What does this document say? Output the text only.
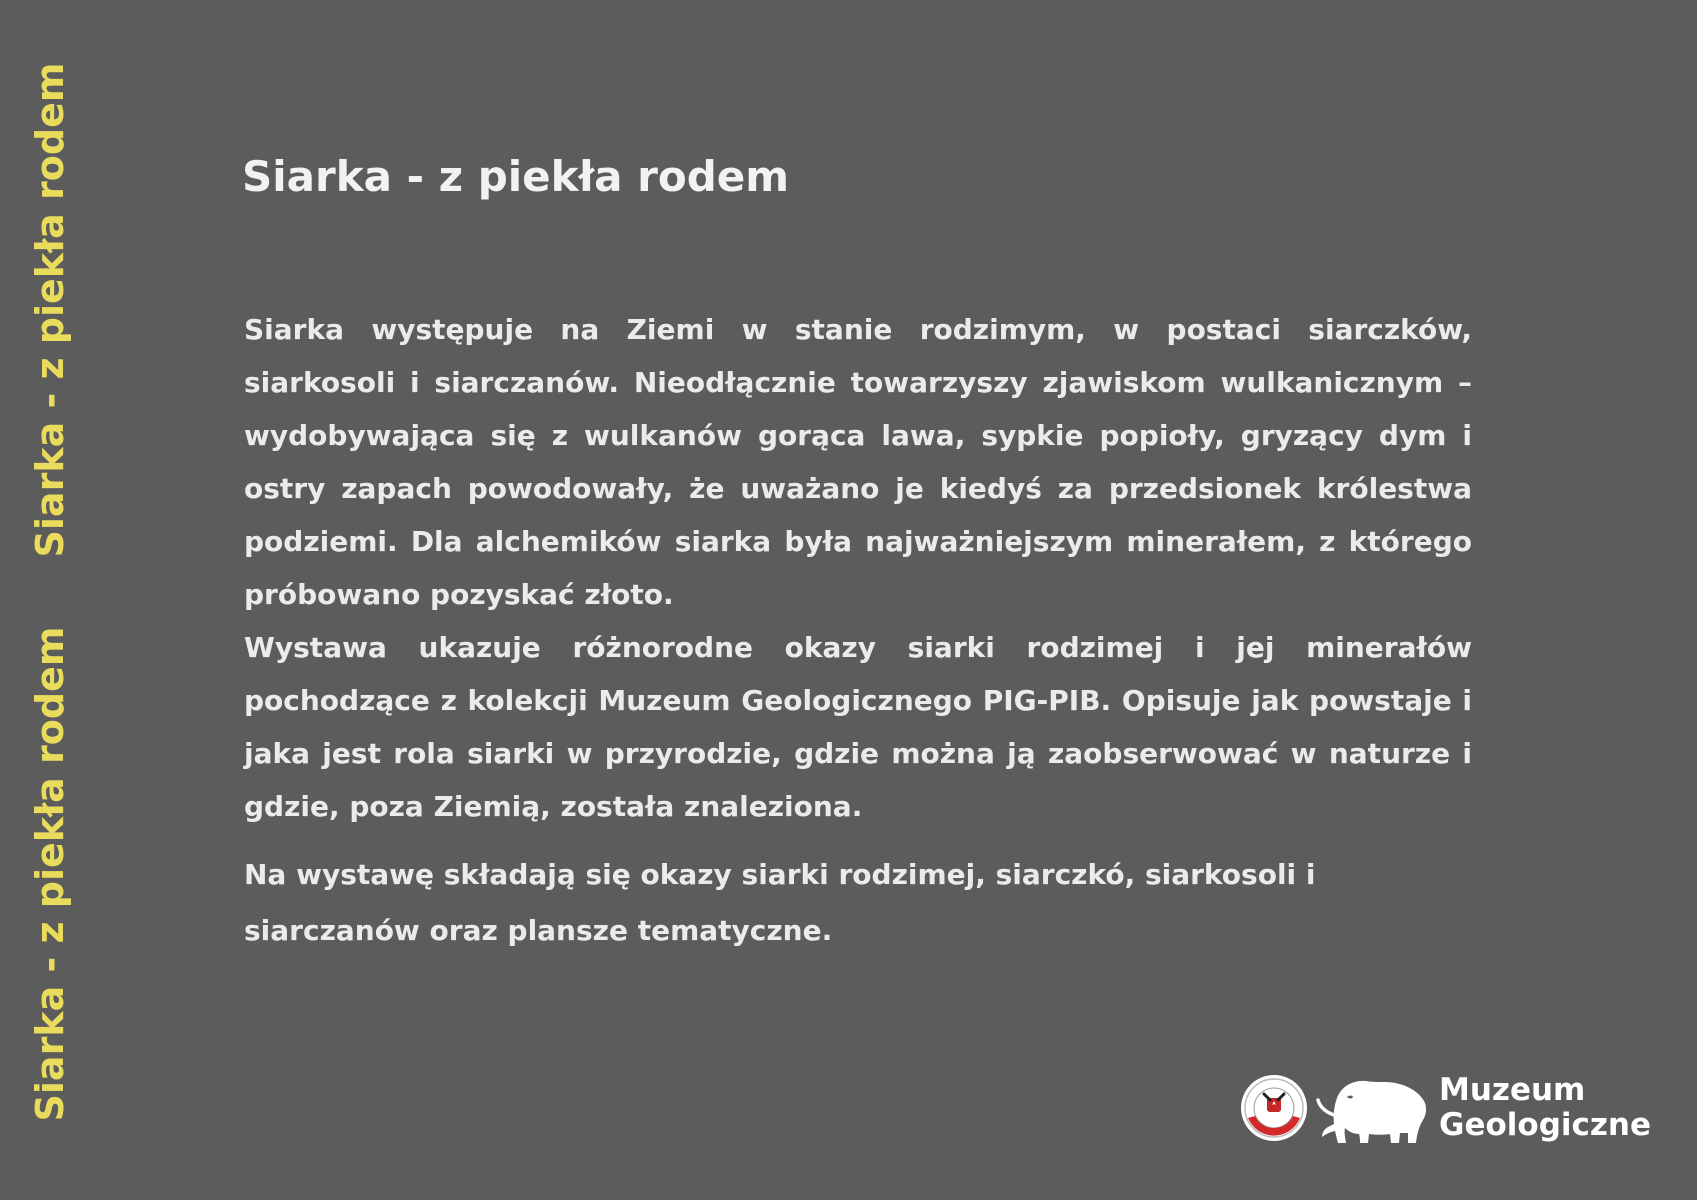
Siarka - z piekła rodem
Siarka - z piekła rodem
Siarka - z piekła rodem

Siarka występuje na Ziemi w stanie rodzimym, w postaci siarczków, siarkosoli i siarczanów. Nieodłącznie towarzyszy zjawiskom wulkanicznym – wydobywająca się z wulkanów gorąca lawa, sypkie popioły, gryzący dym i ostry zapach powodowały, że uważano je kiedyś za przedsionek królestwa podziemi. Dla alchemików siarka była najważniejszym minerałem, z którego próbowano pozyskać złoto.

Wystawa ukazuje różnorodne okazy siarki rodzimej i jej minerałów pochodzące z kolekcji Muzeum Geologicznego PIG-PIB. Opisuje jak powstaje i jaka jest rola siarki w przyrodzie, gdzie można ją zaobserwować w naturze i gdzie, poza Ziemią, została znaleziona.

Na wystawę składają się okazy siarki rodzimej, siarczkó, siarkosoli i siarczanów oraz plansze tematyczne.

Muzeum
Geologiczne
